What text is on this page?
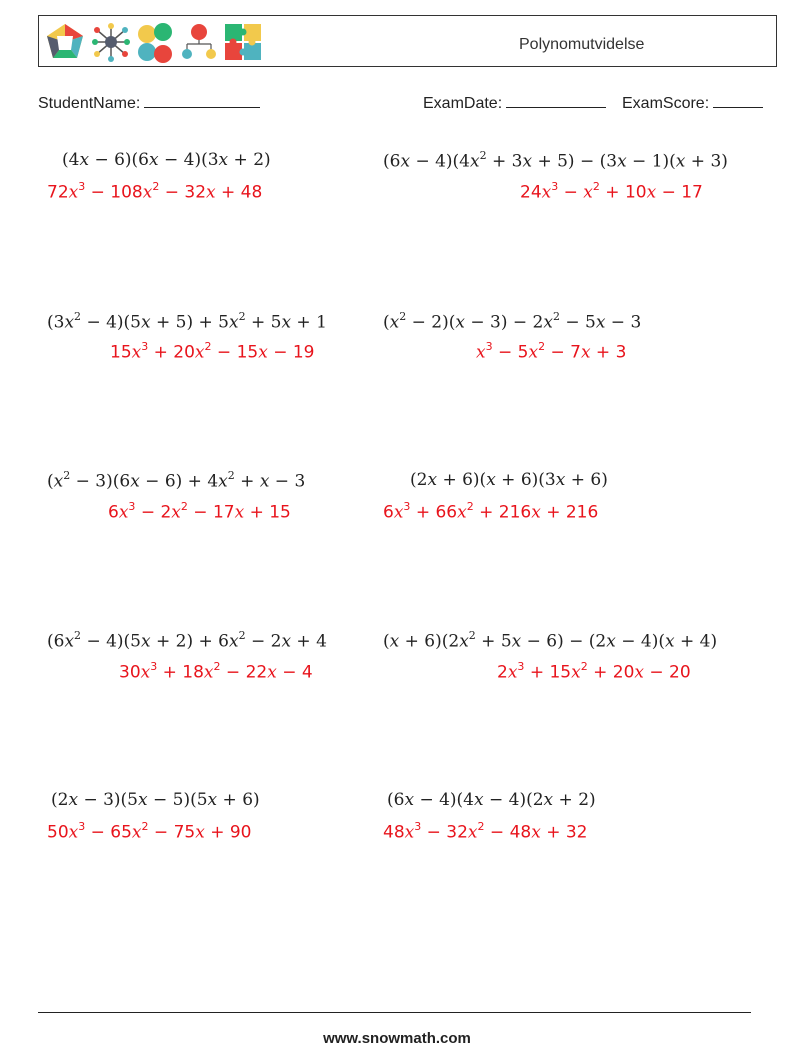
Polynomutvidelse
StudentName:	ExamDate:	ExamScore:
(4x − 6)(6x − 4)(3x + 2)
$72x^3 - 108x^2 - 32x + 48$
$(6x - 4)(4x^2 + 3x + 5) - (3x - 1)(x + 3)$
$24x^3 - x^2 + 10x - 17$
$(3x^2 - 4)(5x + 5) + 5x^2 + 5x + 1$
$15x^3 + 20x^2 - 15x - 19$
$(x^2 - 2)(x - 3) - 2x^2 - 5x - 3$
$x^3 - 5x^2 - 7x + 3$
$(x^2 - 3)(6x - 6) + 4x^2 + x - 3$
$6x^3 - 2x^2 - 17x + 15$
(2x + 6)(x + 6)(3x + 6)
$6x^3 + 66x^2 + 216x + 216$
$(6x^2 - 4)(5x + 2) + 6x^2 - 2x + 4$
$30x^3 + 18x^2 - 22x - 4$
$(x + 6)(2x^2 + 5x - 6) - (2x - 4)(x + 4)$
$2x^3 + 15x^2 + 20x - 20$
(2x − 3)(5x − 5)(5x + 6)
$50x^3 - 65x^2 - 75x + 90$
(6x − 4)(4x − 4)(2x + 2)
$48x^3 - 32x^2 - 48x + 32$
www.snowmath.com
